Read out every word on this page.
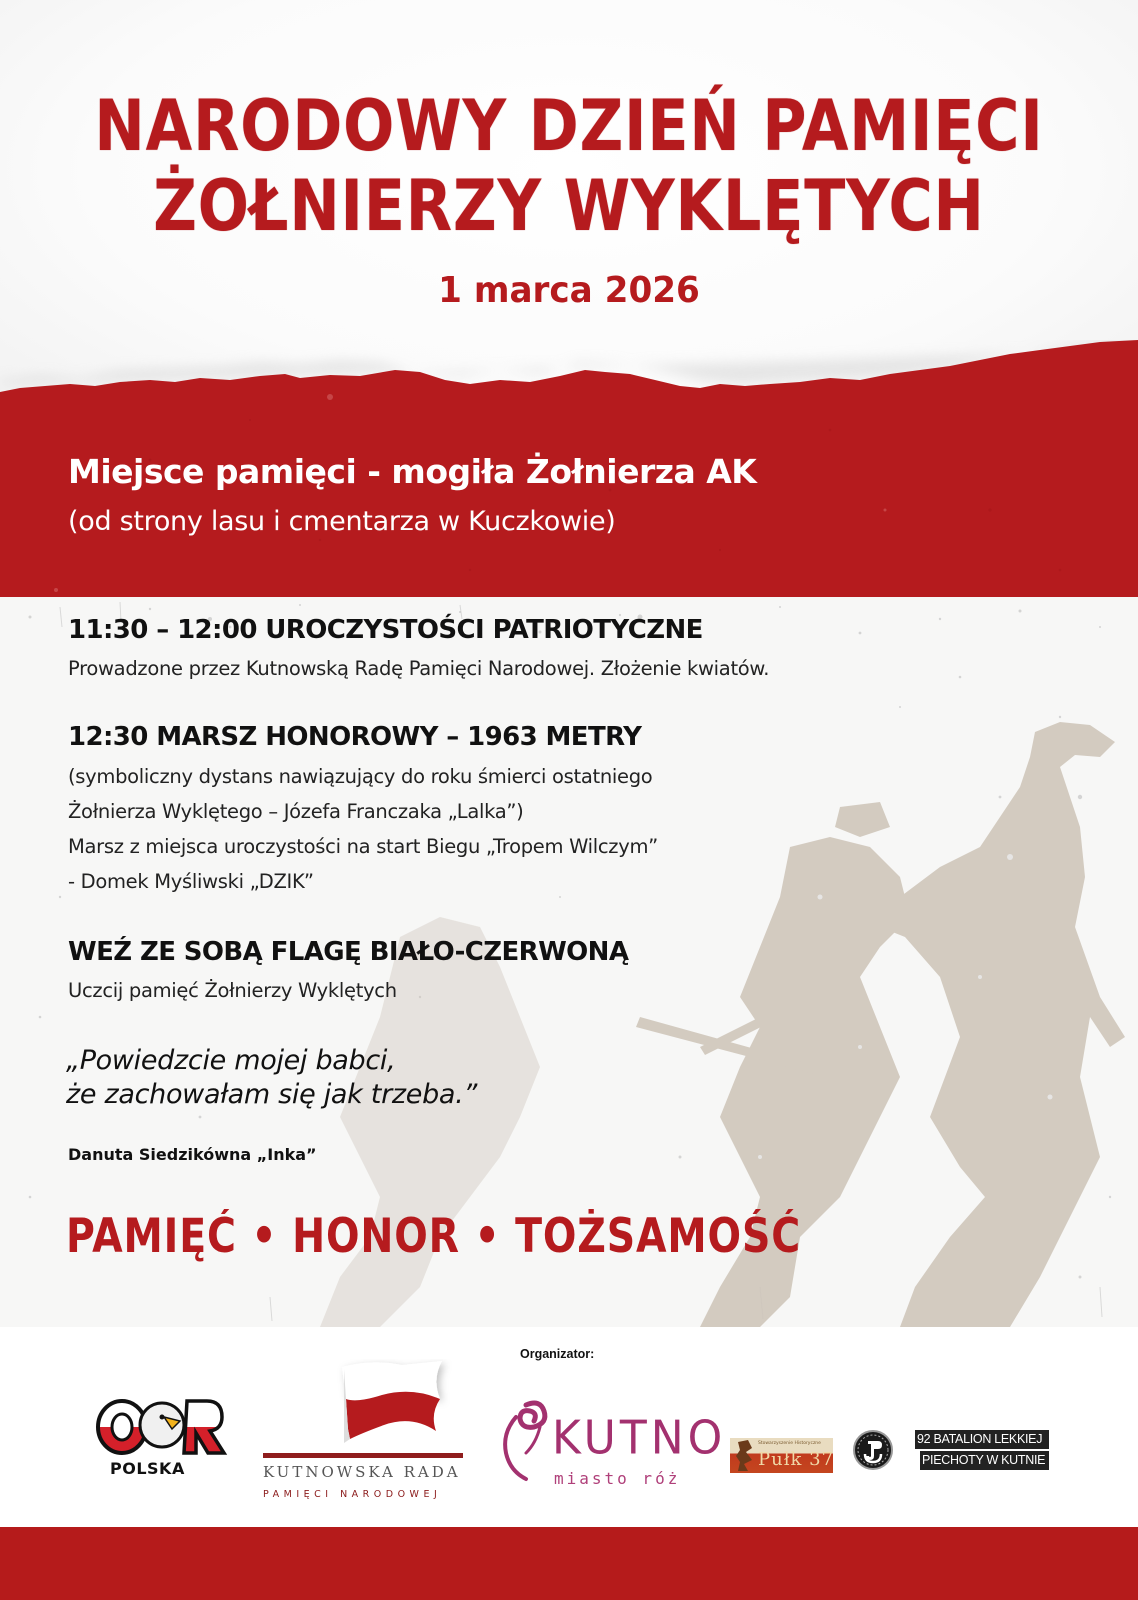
NARODOWY DZIEŃ PAMIĘCI
ŻOŁNIERZY WYKLĘTYCH

1 marca 2026

Miejsce pamięci - mogiła Żołnierza AK

(od strony lasu i cmentarza w Kuczkowie)

11:30 – 12:00 UROCZYSTOŚCI PATRIOTYCZNE

Prowadzone przez Kutnowską Radę Pamięci Narodowej. Złożenie kwiatów.

12:30 MARSZ HONOROWY – 1963 METRY

(symboliczny dystans nawiązujący do roku śmierci ostatniego

Żołnierza Wyklętego – Józefa Franczaka „Lalka”)

Marsz z miejsca uroczystości na start Biegu „Tropem Wilczym”

- Domek Myśliwski „DZIK”

WEŹ ZE SOBĄ FLAGĘ BIAŁO-CZERWONĄ

Uczcij pamięć Żołnierzy Wyklętych

„Powiedzcie mojej babci,

że zachowałam się jak trzeba.”

Danuta Siedzikówna „Inka”

PAMIĘĆ • HONOR • TOŻSAMOŚĆ

Organizator:

POLSKA	KUTNOWSKA RADA

PAMIĘCI NARODOWEJ

KUTNO

miasto róż

Stowarzyszenie Historyczne

Pułk 37

92 BATALION LEKKIEJ
PIECHOTY W KUTNIE
